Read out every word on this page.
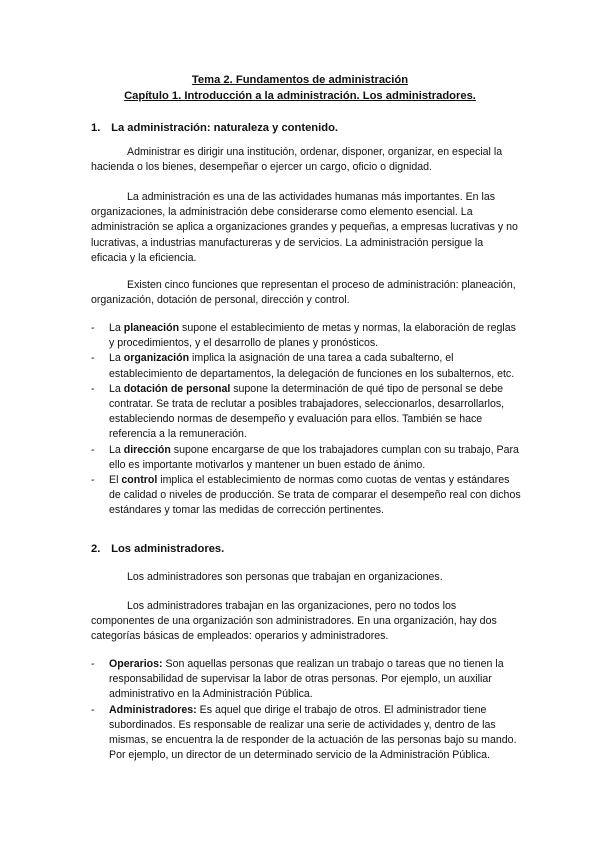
Tema 2. Fundamentos de administración
Capítulo 1. Introducción a la administración. Los administradores.
1. La administración: naturaleza y contenido.

Administrar es dirigir una institución, ordenar, disponer, organizar, en especial la hacienda o los bienes, desempeñar o ejercer un cargo, oficio o dignidad.

La administración es una de las actividades humanas más importantes. En las organizaciones, la administración debe considerarse como elemento esencial. La administración se aplica a organizaciones grandes y pequeñas, a empresas lucrativas y no lucrativas, a industrias manufactureras y de servicios. La administración persigue la eficacia y la eficiencia.

Existen cinco funciones que representan el proceso de administración: planeación, organización, dotación de personal, dirección y control.

- La planeación supone el establecimiento de metas y normas, la elaboración de reglas y procedimientos, y el desarrollo de planes y pronósticos.
- La organización implica la asignación de una tarea a cada subalterno, el establecimiento de departamentos, la delegación de funciones en los subalternos, etc.
- La dotación de personal supone la determinación de qué tipo de personal se debe contratar. Se trata de reclutar a posibles trabajadores, seleccionarlos, desarrollarlos, estableciendo normas de desempeño y evaluación para ellos. También se hace referencia a la remuneración.
- La dirección supone encargarse de que los trabajadores cumplan con su trabajo, Para ello es importante motivarlos y mantener un buen estado de ánimo.
- El control implica el establecimiento de normas como cuotas de ventas y estándares de calidad o niveles de producción. Se trata de comparar el desempeño real con dichos estándares y tomar las medidas de corrección pertinentes.
2. Los administradores.

Los administradores son personas que trabajan en organizaciones.

Los administradores trabajan en las organizaciones, pero no todos los componentes de una organización son administradores. En una organización, hay dos categorías básicas de empleados: operarios y administradores.

- Operarios: Son aquellas personas que realizan un trabajo o tareas que no tienen la responsabilidad de supervisar la labor de otras personas. Por ejemplo, un auxiliar administrativo en la Administración Pública.
- Administradores: Es aquel que dirige el trabajo de otros. El administrador tiene subordinados. Es responsable de realizar una serie de actividades y, dentro de las mismas, se encuentra la de responder de la actuación de las personas bajo su mando. Por ejemplo, un director de un determinado servicio de la Administración Pública.
